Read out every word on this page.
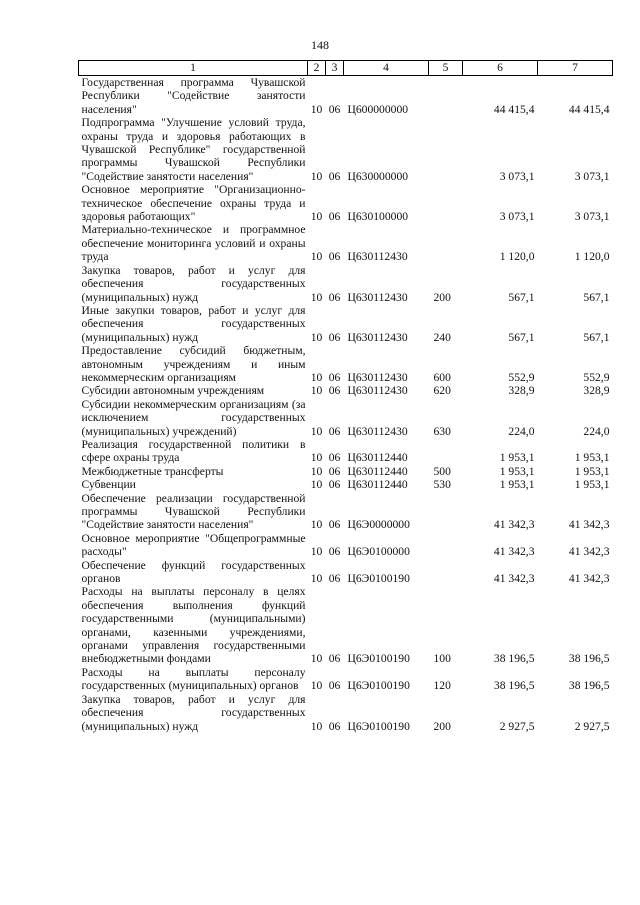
148
1	2	3	4	5	6	7
Государственная программа Чувашской Республики "Содействие занятости населения"	10	06	Ц600000000		44 415,4	44 415,4
Подпрограмма "Улучшение условий труда, охраны труда и здоровья работающих в Чувашской Республике" государственной программы Чувашской Республики "Содействие занятости населения"	10	06	Ц630000000		3 073,1	3 073,1
Основное мероприятие "Организационно-техническое обеспечение охраны труда и здоровья работающих"	10	06	Ц630100000		3 073,1	3 073,1
Материально-техническое и программное обеспечение мониторинга условий и охраны труда	10	06	Ц630112430		1 120,0	1 120,0
Закупка товаров, работ и услуг для обеспечения государственных (муниципальных) нужд	10	06	Ц630112430	200	567,1	567,1
Иные закупки товаров, работ и услуг для обеспечения государственных (муниципальных) нужд	10	06	Ц630112430	240	567,1	567,1
Предоставление субсидий бюджетным, автономным учреждениям и иным некоммерческим организациям	10	06	Ц630112430	600	552,9	552,9
Субсидии автономным учреждениям	10	06	Ц630112430	620	328,9	328,9
Субсидии некоммерческим организациям (за исключением государственных (муниципальных) учреждений)	10	06	Ц630112430	630	224,0	224,0
Реализация государственной политики в сфере охраны труда	10	06	Ц630112440		1 953,1	1 953,1
Межбюджетные трансферты	10	06	Ц630112440	500	1 953,1	1 953,1
Субвенции	10	06	Ц630112440	530	1 953,1	1 953,1
Обеспечение реализации государственной программы Чувашской Республики "Содействие занятости населения"	10	06	Ц6Э0000000		41 342,3	41 342,3
Основное мероприятие "Общепрограммные расходы"	10	06	Ц6Э0100000		41 342,3	41 342,3
Обеспечение функций государственных органов	10	06	Ц6Э0100190		41 342,3	41 342,3
Расходы на выплаты персоналу в целях обеспечения выполнения функций государственными (муниципальными) органами, казенными учреждениями, органами управления государственными внебюджетными фондами	10	06	Ц6Э0100190	100	38 196,5	38 196,5
Расходы на выплаты персоналу государственных (муниципальных) органов	10	06	Ц6Э0100190	120	38 196,5	38 196,5
Закупка товаров, работ и услуг для обеспечения государственных (муниципальных) нужд	10	06	Ц6Э0100190	200	2 927,5	2 927,5
